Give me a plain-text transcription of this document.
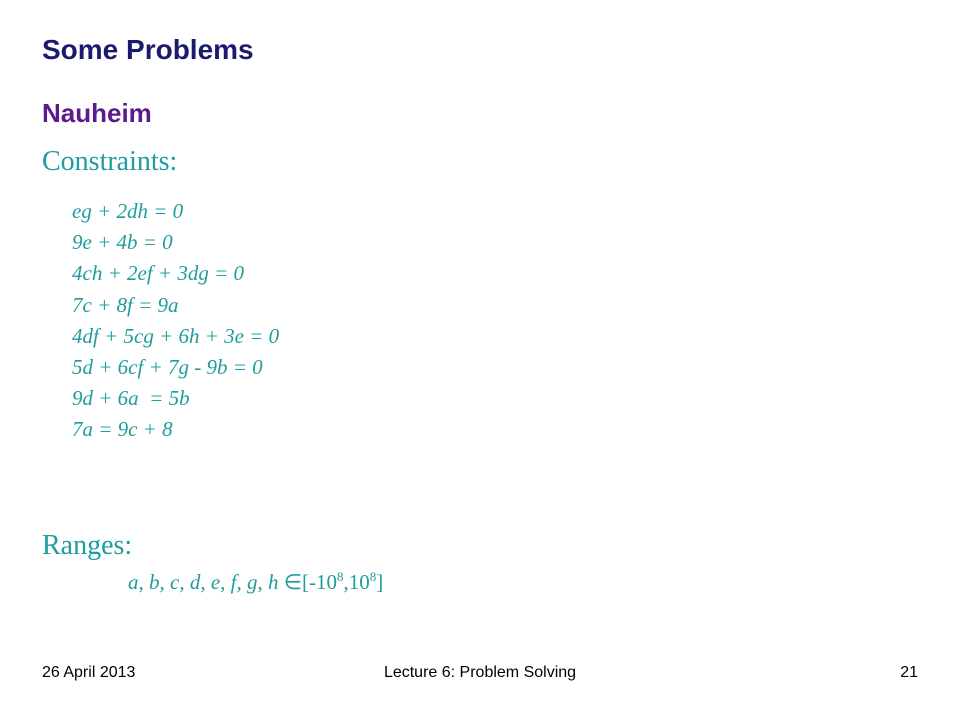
Some Problems
Nauheim
Constraints:
eg + 2dh = 0
9e + 4b = 0
4ch + 2ef + 3dg = 0
7c + 8f = 9a
4df + 5cg + 6h + 3e = 0
5d + 6cf + 7g - 9b = 0
9d + 6a  = 5b
7a = 9c + 8
Ranges:
a, b, c, d, e, f, g, h $\in[-10^8,10^8]$
26 April 2013	Lecture 6: Problem Solving	21
